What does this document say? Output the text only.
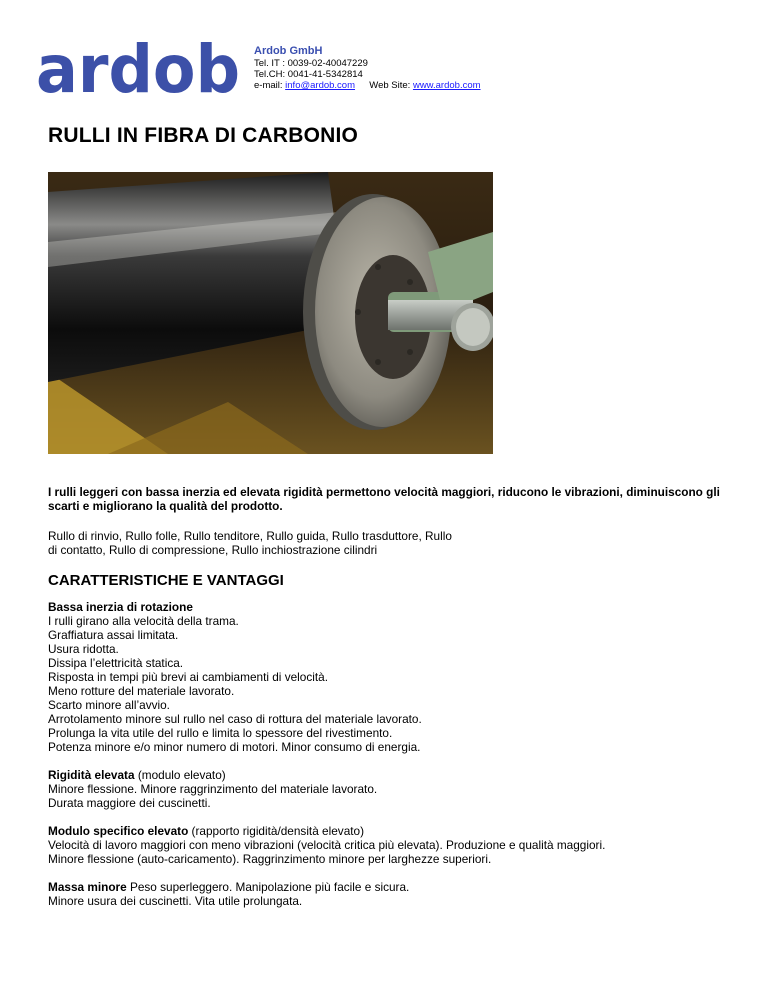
ardob Ardob GmbH
Tel. IT : 0039-02-40047229
Tel.CH: 0041-41-5342814
e-mail: info@ardob.com Web Site: www.ardob.com
RULLI IN FIBRA DI CARBONIO

I rulli leggeri con bassa inerzia ed elevata rigidità permettono velocità maggiori, riducono le vibrazioni, diminuiscono gli scarti e migliorano la qualità del prodotto.

Rullo di rinvio, Rullo folle, Rullo tenditore, Rullo guida, Rullo trasduttore, Rullo
di contatto, Rullo di compressione, Rullo inchiostrazione cilindri

CARATTERISTICHE E VANTAGGI
Bassa inerzia di rotazione
I rulli girano alla velocità della trama.
Graffiatura assai limitata.
Usura ridotta.
Dissipa l’elettricità statica.
Risposta in tempi più brevi ai cambiamenti di velocità.
Meno rotture del materiale lavorato.
Scarto minore all’avvio.
Arrotolamento minore sul rullo nel caso di rottura del materiale lavorato.
Prolunga la vita utile del rullo e limita lo spessore del rivestimento.
Potenza minore e/o minor numero di motori. Minor consumo di energia.
Rigidità elevata (modulo elevato)
Minore flessione. Minore raggrinzimento del materiale lavorato.
Durata maggiore dei cuscinetti.
Modulo specifico elevato (rapporto rigidità/densità elevato)
Velocità di lavoro maggiori con meno vibrazioni (velocità critica più elevata). Produzione e qualità maggiori.
Minore flessione (auto-caricamento). Raggrinzimento minore per larghezze superiori.
Massa minore Peso superleggero. Manipolazione più facile e sicura.
Minore usura dei cuscinetti. Vita utile prolungata.
